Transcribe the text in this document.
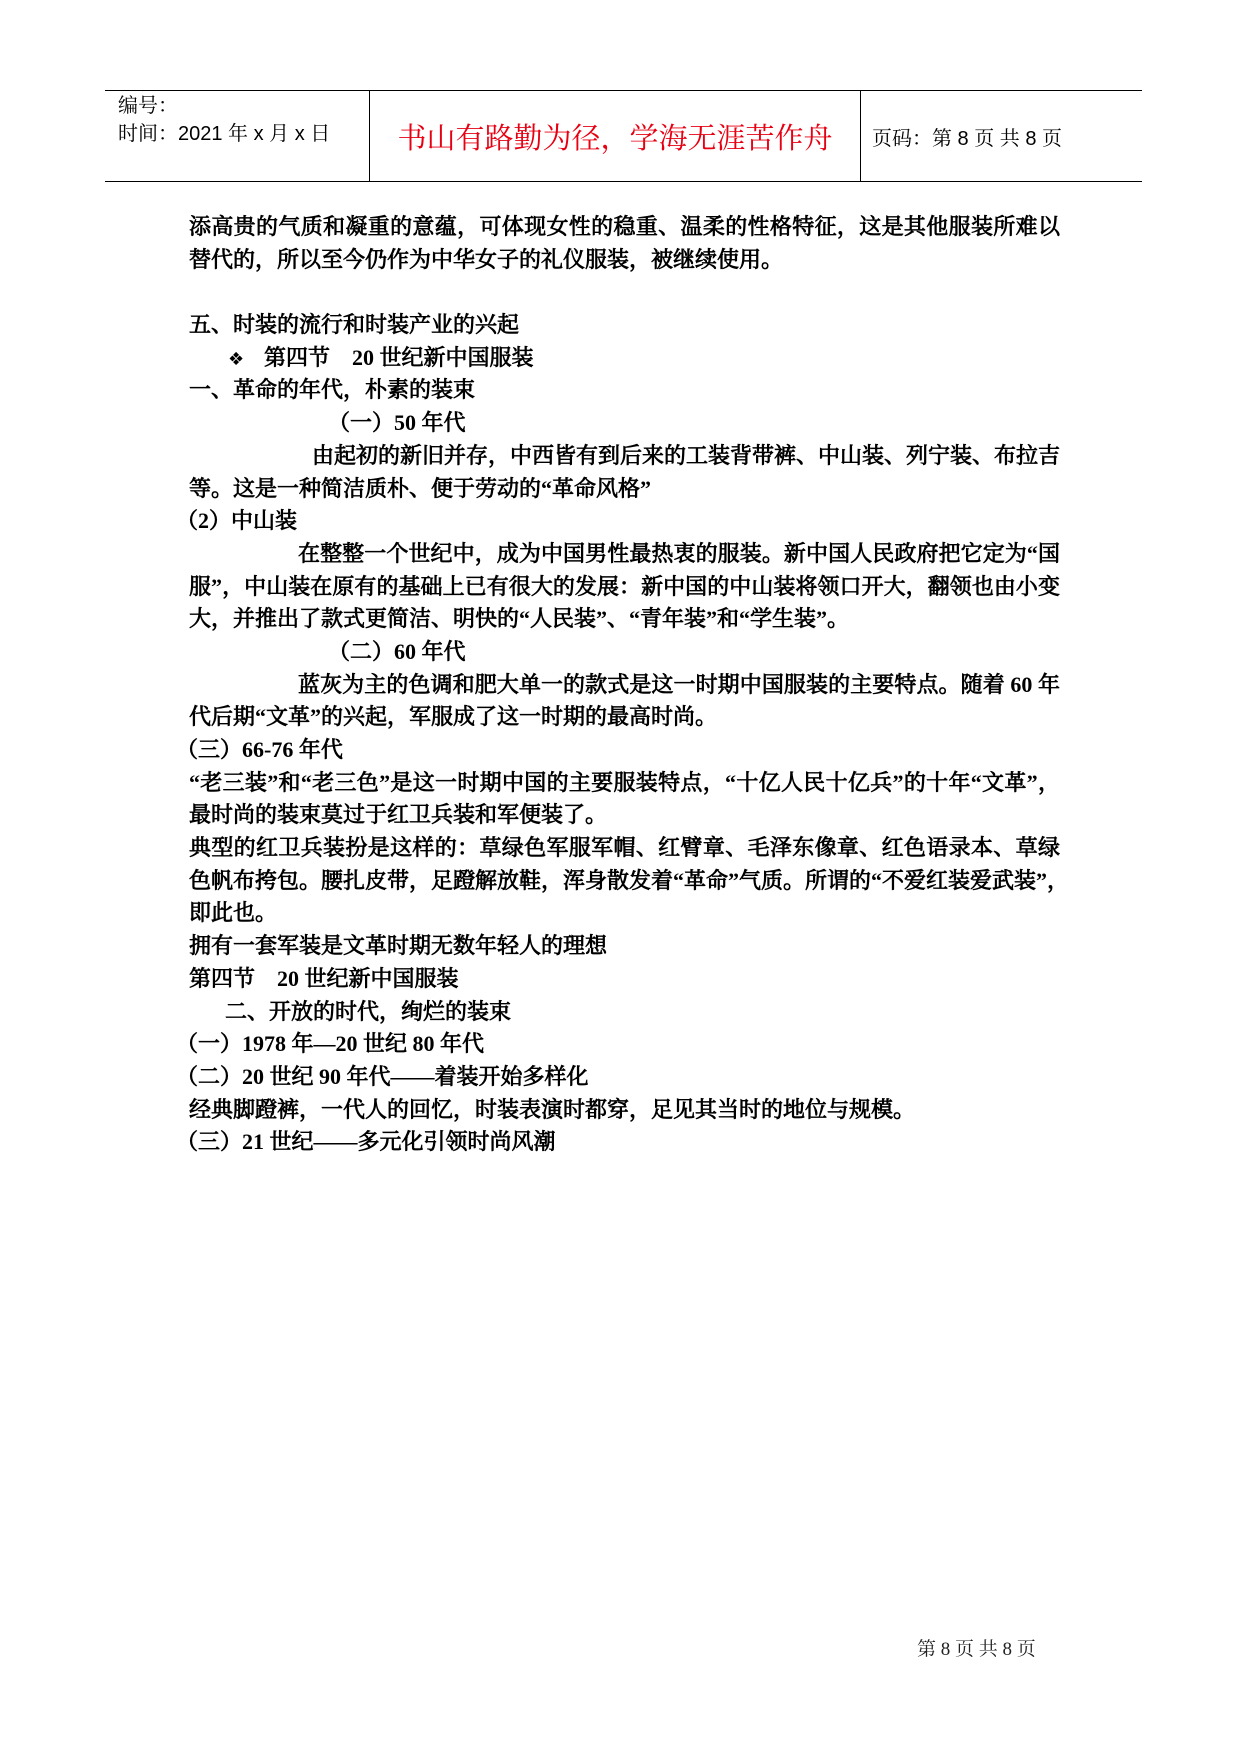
编号：
时间：2021 年 x 月 x 日	书山有路勤为径，学海无涯苦作舟	页码：第 8 页 共 8 页
添高贵的气质和凝重的意蕴，可体现女性的稳重、温柔的性格特征，这是其他服装所难以
替代的，所以至今仍作为中华女子的礼仪服装，被继续使用。
五、时装的流行和时装产业的兴起
❖第四节　20 世纪新中国服装
一、革命的年代，朴素的装束
（一）50 年代
由起初的新旧并存，中西皆有到后来的工装背带裤、中山装、列宁装、布拉吉
等。这是一种简洁质朴、便于劳动的“革命风格”
（2）中山装
在整整一个世纪中，成为中国男性最热衷的服装。新中国人民政府把它定为“国
服”，中山装在原有的基础上已有很大的发展：新中国的中山装将领口开大，翻领也由小变
大，并推出了款式更简洁、明快的“人民装”、“青年装”和“学生装”。
（二）60 年代
蓝灰为主的色调和肥大单一的款式是这一时期中国服装的主要特点。随着 60 年
代后期“文革”的兴起，军服成了这一时期的最高时尚。
（三）66-76 年代
“老三装”和“老三色”是这一时期中国的主要服装特点，“十亿人民十亿兵”的十年“文革”，
最时尚的装束莫过于红卫兵装和军便装了。
典型的红卫兵装扮是这样的：草绿色军服军帽、红臂章、毛泽东像章、红色语录本、草绿
色帆布挎包。腰扎皮带，足蹬解放鞋，浑身散发着“革命”气质。所谓的“不爱红装爱武装”，
即此也。
拥有一套军装是文革时期无数年轻人的理想
第四节　20 世纪新中国服装
二、开放的时代，绚烂的装束
（一）1978 年—20 世纪 80 年代
（二）20 世纪 90 年代——着装开始多样化
经典脚蹬裤，一代人的回忆，时装表演时都穿，足见其当时的地位与规模。
（三）21 世纪——多元化引领时尚风潮
第 8 页 共 8 页
